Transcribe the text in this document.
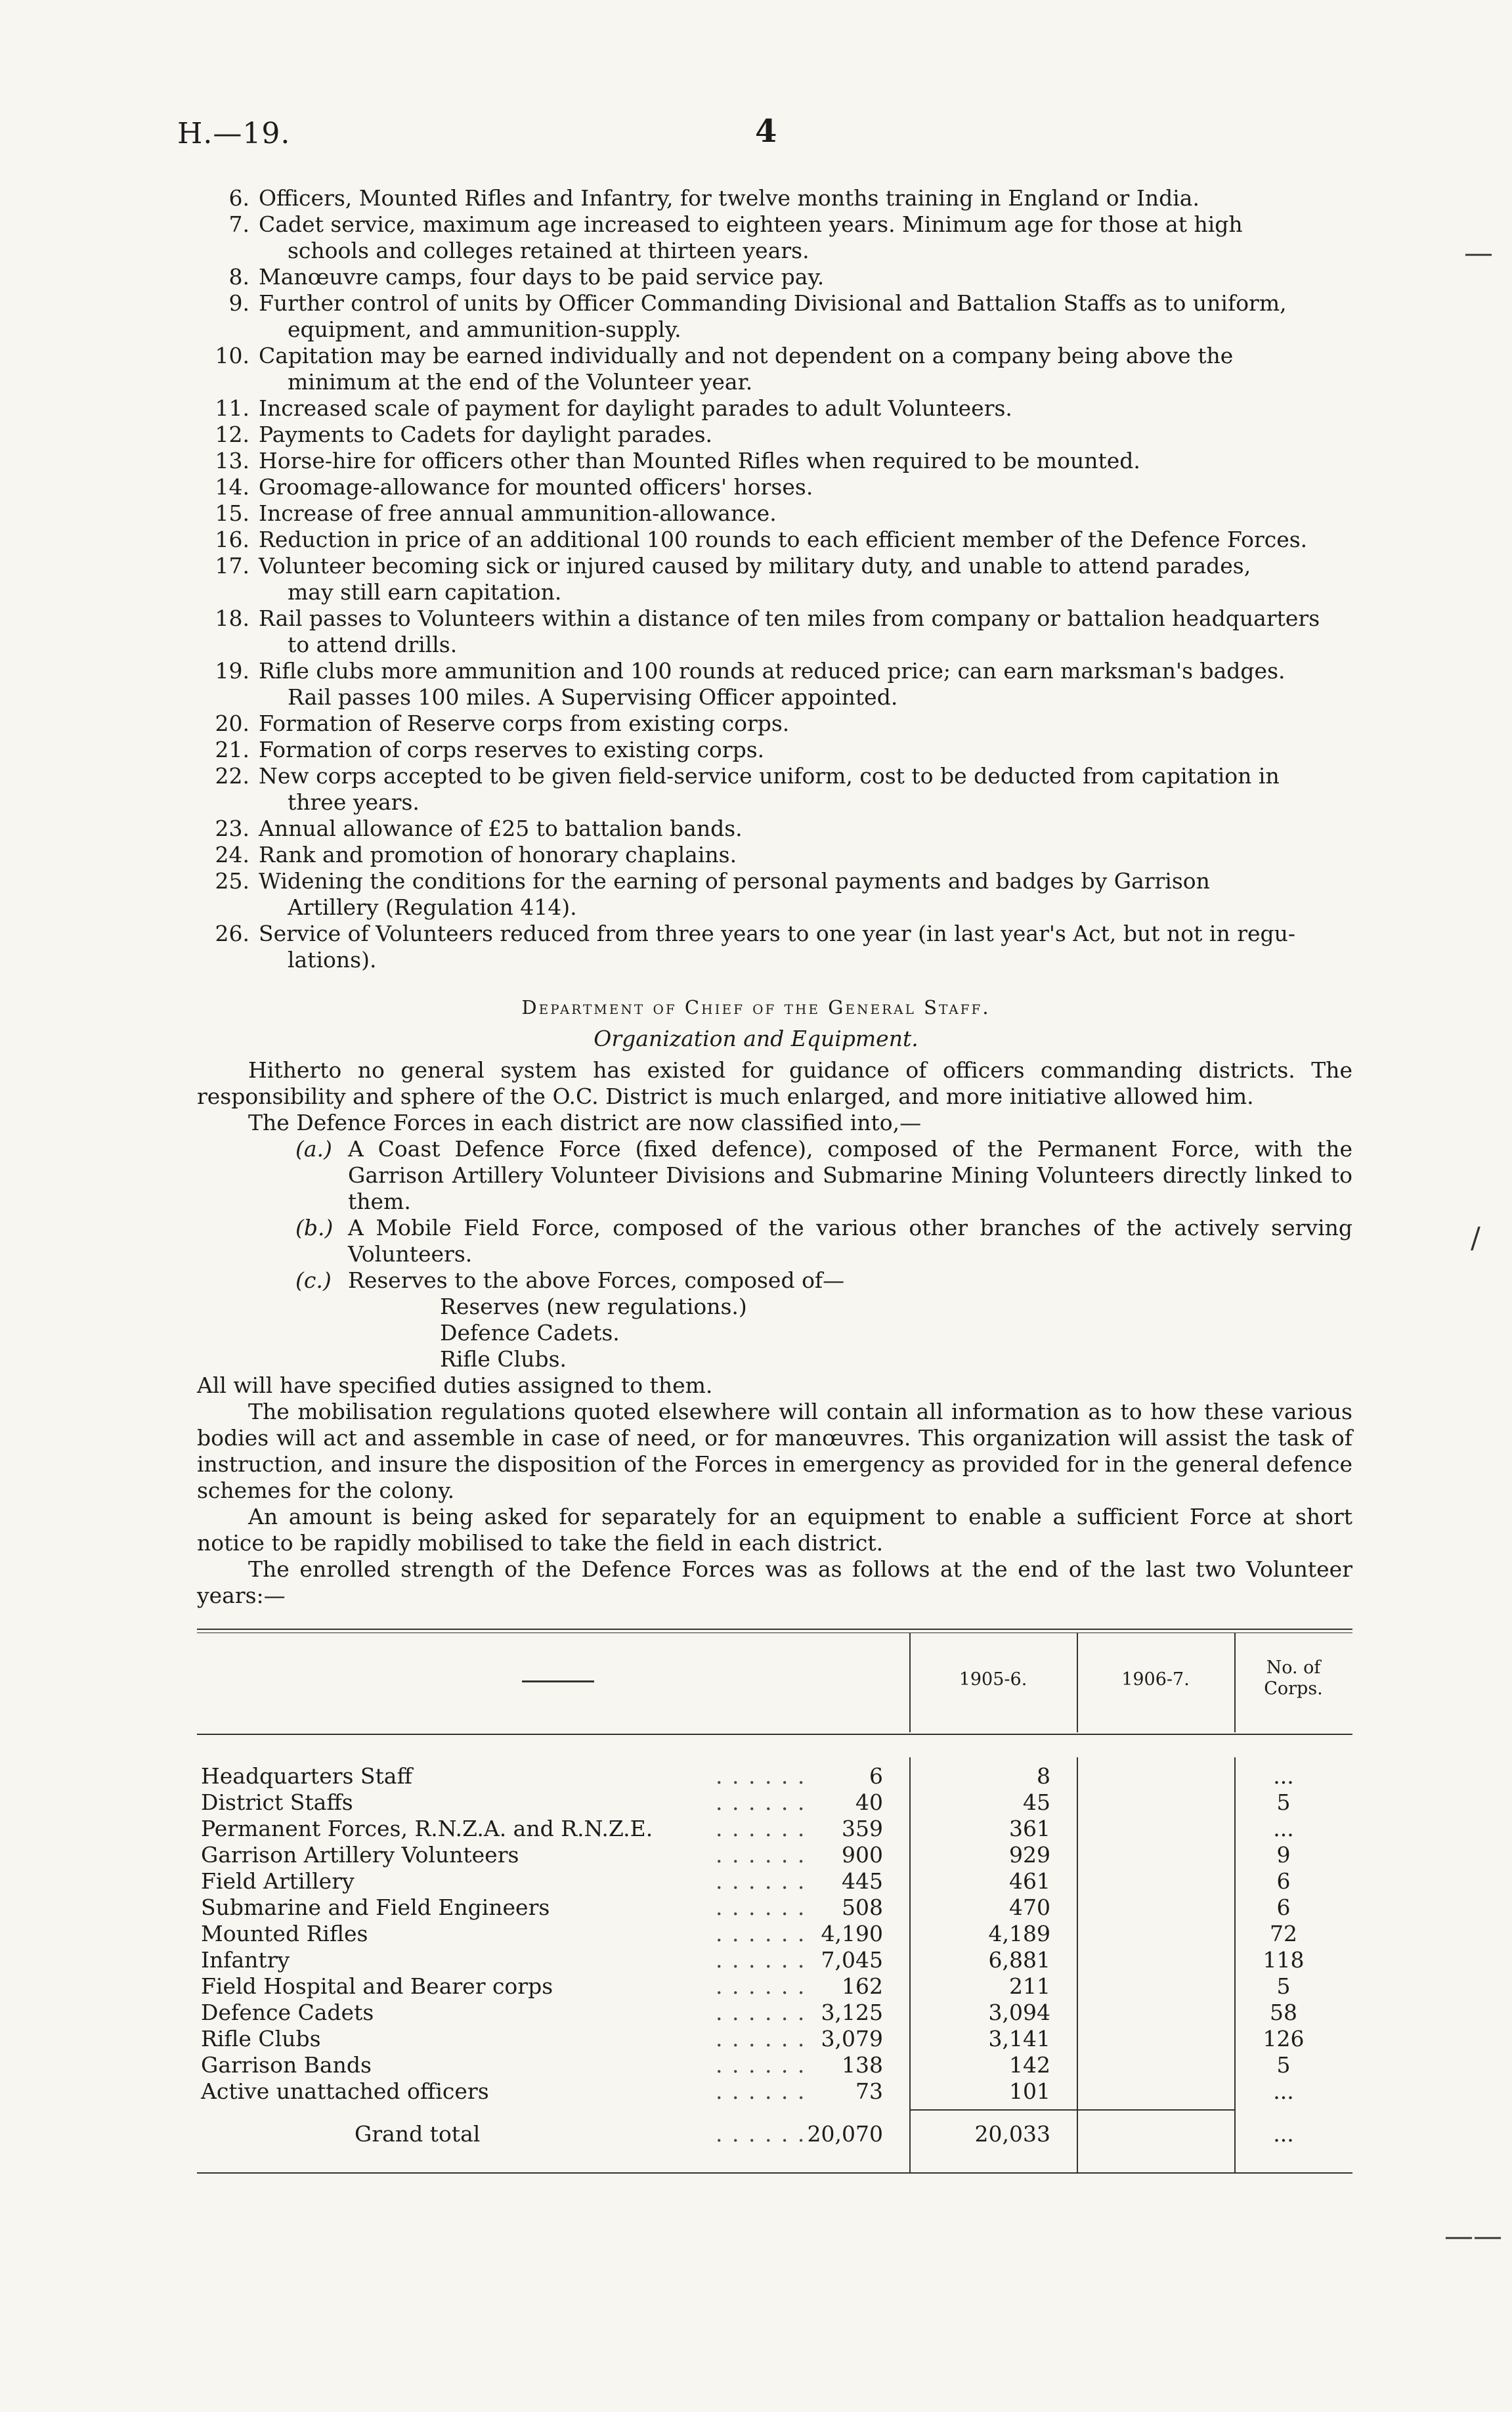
H.—19.	4
6. Officers, Mounted Rifles and Infantry, for twelve months training in England or India.
7. Cadet service, maximum age increased to eighteen years. Minimum age for those at high
schools and colleges retained at thirteen years.
8. Manœuvre camps, four days to be paid service pay.
9. Further control of units by Officer Commanding Divisional and Battalion Staffs as to uniform,
equipment, and ammunition-supply.
10. Capitation may be earned individually and not dependent on a company being above the
minimum at the end of the Volunteer year.
11. Increased scale of payment for daylight parades to adult Volunteers.
12. Payments to Cadets for daylight parades.
13. Horse-hire for officers other than Mounted Rifles when required to be mounted.
14. Groomage-allowance for mounted officers' horses.
15. Increase of free annual ammunition-allowance.
16. Reduction in price of an additional 100 rounds to each efficient member of the Defence Forces.
17. Volunteer becoming sick or injured caused by military duty, and unable to attend parades,
may still earn capitation.
18. Rail passes to Volunteers within a distance of ten miles from company or battalion headquarters
to attend drills.
19. Rifle clubs more ammunition and 100 rounds at reduced price; can earn marksman's badges.
Rail passes 100 miles. A Supervising Officer appointed.
20. Formation of Reserve corps from existing corps.
21. Formation of corps reserves to existing corps.
22. New corps accepted to be given field-service uniform, cost to be deducted from capitation in
three years.
23. Annual allowance of £25 to battalion bands.
24. Rank and promotion of honorary chaplains.
25. Widening the conditions for the earning of personal payments and badges by Garrison
Artillery (Regulation 414).
26. Service of Volunteers reduced from three years to one year (in last year's Act, but not in regu-
lations).
Department of Chief of the General Staff.
Organization and Equipment.

Hitherto no general system has existed for guidance of officers commanding districts. The responsibility and sphere of the O.C. District is much enlarged, and more initiative allowed him.

The Defence Forces in each district are now classified into,—

(a.) A Coast Defence Force (fixed defence), composed of the Permanent Force, with the Garrison Artillery Volunteer Divisions and Submarine Mining Volunteers directly linked to them.
(b.) A Mobile Field Force, composed of the various other branches of the actively serving Volunteers.
(c.) Reserves to the above Forces, composed of—
Reserves (new regulations.)
Defence Cadets.
Rifle Clubs.

All will have specified duties assigned to them.

The mobilisation regulations quoted elsewhere will contain all information as to how these various bodies will act and assemble in case of need, or for manœuvres. This organization will assist the task of instruction, and insure the disposition of the Forces in emergency as provided for in the general defence schemes for the colony.

An amount is being asked for separately for an equipment to enable a sufficient Force at short notice to be rapidly mobilised to take the field in each district.

The enrolled strength of the Defence Forces was as follows at the end of the last two Volunteer years:—

1905-6.	1906-7.
No. of Corps.
Headquarters Staff	. . . . . .	6	8	...
District Staffs	. . . . . .	40	45	5
Permanent Forces, R.N.Z.A. and R.N.Z.E.	. . . . . .	359	361	...
Garrison Artillery Volunteers	. . . . . .	900	929	9
Field Artillery	. . . . . .	445	461	6
Submarine and Field Engineers	. . . . . .	508	470	6
Mounted Rifles	. . . . . . 4,190	4,189	72
Infantry	. . . . . . 7,045	6,881	118
Field Hospital and Bearer corps	. . . . . .	162	211	5
Defence Cadets	. . . . . . 3,125	3,094	58
Rifle Clubs	. . . . . . 3,079	3,141	126
Garrison Bands	. . . . . .	138	142	5
Active unattached officers	. . . . . .	73	101	...
Grand total	. . . . . . 20,070	20,033	...
—
∕
——
